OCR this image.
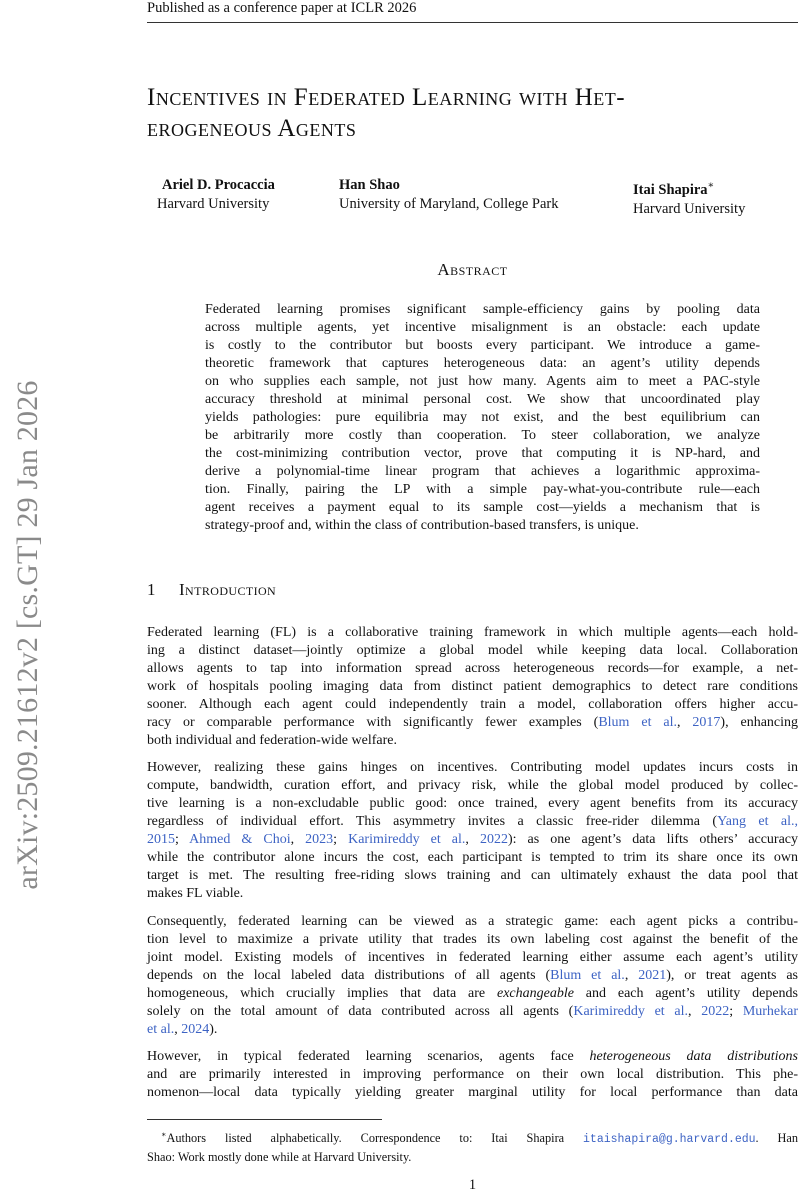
Published as a conference paper at ICLR 2026
arXiv:2509.21612v2 [cs.GT] 29 Jan 2026
Incentives in Federated Learning with Het-
erogeneous Agents
Ariel D. Procaccia
Harvard University
Han Shao
University of Maryland, College Park
Itai Shapira∗
Harvard University
Abstract
Federated learning promises significant sample-efficiency gains by pooling data
across multiple agents, yet incentive misalignment is an obstacle: each update
is costly to the contributor but boosts every participant. We introduce a game-
theoretic framework that captures heterogeneous data: an agent’s utility depends
on who supplies each sample, not just how many. Agents aim to meet a PAC-style
accuracy threshold at minimal personal cost. We show that uncoordinated play
yields pathologies: pure equilibria may not exist, and the best equilibrium can
be arbitrarily more costly than cooperation. To steer collaboration, we analyze
the cost-minimizing contribution vector, prove that computing it is NP-hard, and
derive a polynomial-time linear program that achieves a logarithmic approxima-
tion. Finally, pairing the LP with a simple pay-what-you-contribute rule—each
agent receives a payment equal to its sample cost—yields a mechanism that is
strategy-proof and, within the class of contribution-based transfers, is unique.
1 Introduction
Federated learning (FL) is a collaborative training framework in which multiple agents—each hold-
ing a distinct dataset—jointly optimize a global model while keeping data local. Collaboration
allows agents to tap into information spread across heterogeneous records—for example, a net-
work of hospitals pooling imaging data from distinct patient demographics to detect rare conditions
sooner. Although each agent could independently train a model, collaboration offers higher accu-
racy or comparable performance with significantly fewer examples (Blum et al., 2017), enhancing
both individual and federation-wide welfare.
However, realizing these gains hinges on incentives. Contributing model updates incurs costs in
compute, bandwidth, curation effort, and privacy risk, while the global model produced by collec-
tive learning is a non-excludable public good: once trained, every agent benefits from its accuracy
regardless of individual effort. This asymmetry invites a classic free-rider dilemma (Yang et al.,
2015; Ahmed & Choi, 2023; Karimireddy et al., 2022): as one agent’s data lifts others’ accuracy
while the contributor alone incurs the cost, each participant is tempted to trim its share once its own
target is met. The resulting free-riding slows training and can ultimately exhaust the data pool that
makes FL viable.
Consequently, federated learning can be viewed as a strategic game: each agent picks a contribu-
tion level to maximize a private utility that trades its own labeling cost against the benefit of the
joint model. Existing models of incentives in federated learning either assume each agent’s utility
depends on the local labeled data distributions of all agents (Blum et al., 2021), or treat agents as
homogeneous, which crucially implies that data are exchangeable and each agent’s utility depends
solely on the total amount of data contributed across all agents (Karimireddy et al., 2022; Murhekar
et al., 2024).
However, in typical federated learning scenarios, agents face heterogeneous data distributions
and are primarily interested in improving performance on their own local distribution. This phe-
nomenon—local data typically yielding greater marginal utility for local performance than data
∗Authors listed alphabetically. Correspondence to: Itai Shapira itaishapira@g.harvard.edu. Han
Shao: Work mostly done while at Harvard University.
1
